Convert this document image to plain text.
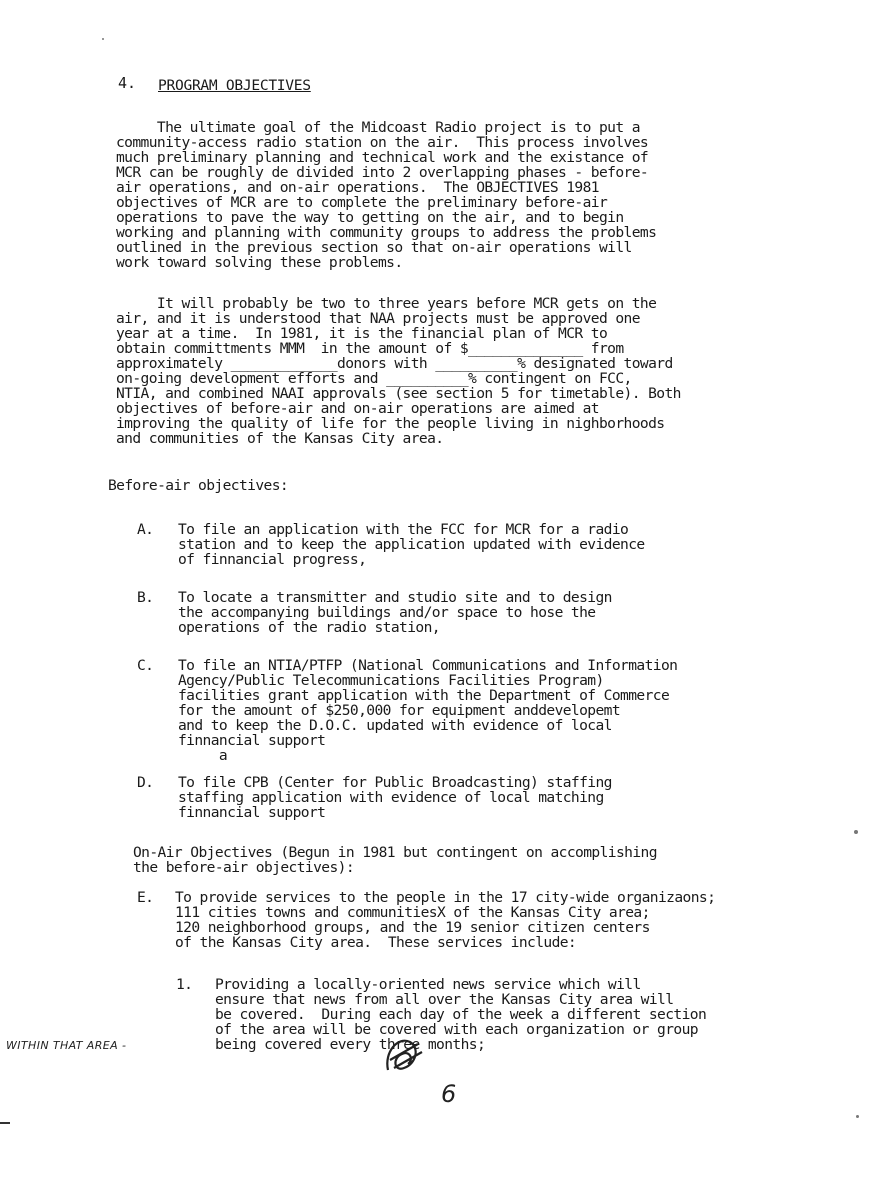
4. PROGRAM OBJECTIVES
The ultimate goal of the Midcoast Radio project is to put a
community-access radio station on the air.  This process involves
much preliminary planning and technical work and the existance of
MCR can be roughly de divided into 2 overlapping phases - before-
air operations, and on-air operations.  The OBJECTIVES 1981
objectives of MCR are to complete the preliminary before-air
operations to pave the way to getting on the air, and to begin
working and planning with community groups to address the problems
outlined in the previous section so that on-air operations will
work toward solving these problems.
It will probably be two to three years before MCR gets on the
air, and it is understood that NAA projects must be approved one
year at a time.  In 1981, it is the financial plan of MCR to
obtain committments MMM  in the amount of $______________ from
approximately _____________donors with __________% designated toward
on-going development efforts and __________% contingent on FCC,
NTIA, and combined NAAI approvals (see section 5 for timetable). Both
objectives of before-air and on-air operations are aimed at
improving the quality of life for the people living in nighborhoods
and communities of the Kansas City area.
Before-air objectives:
A. To file an application with the FCC for MCR for a radio
station and to keep the application updated with evidence
of finnancial progress,
B. To locate a transmitter and studio site and to design
the accompanying buildings and/or space to hose the
operations of the radio station,
C. To file an NTIA/PTFP (National Communications and Information
Agency/Public Telecommunications Facilities Program)
facilities grant application with the Department of Commerce
for the amount of $250,000 for equipment anddevelopemt
and to keep the D.O.C. updated with evidence of local
finnancial support
a
D. To file CPB (Center for Public Broadcasting) staffing
staffing application with evidence of local matching
finnancial support
On-Air Objectives (Begun in 1981 but contingent on accomplishing
the before-air objectives):
E. To provide services to the people in the 17 city-wide organizaons;
111 cities towns and communitiesX of the Kansas City area;
120 neighborhood groups, and the 19 senior citizen centers
of the Kansas City area.  These services include:
1. Providing a locally-oriented news service which will
ensure that news from all over the Kansas City area will
be covered.  During each day of the week a different section
of the area will be covered with each organization or group
being covered every three months;
WITHIN THAT AREA -
6
